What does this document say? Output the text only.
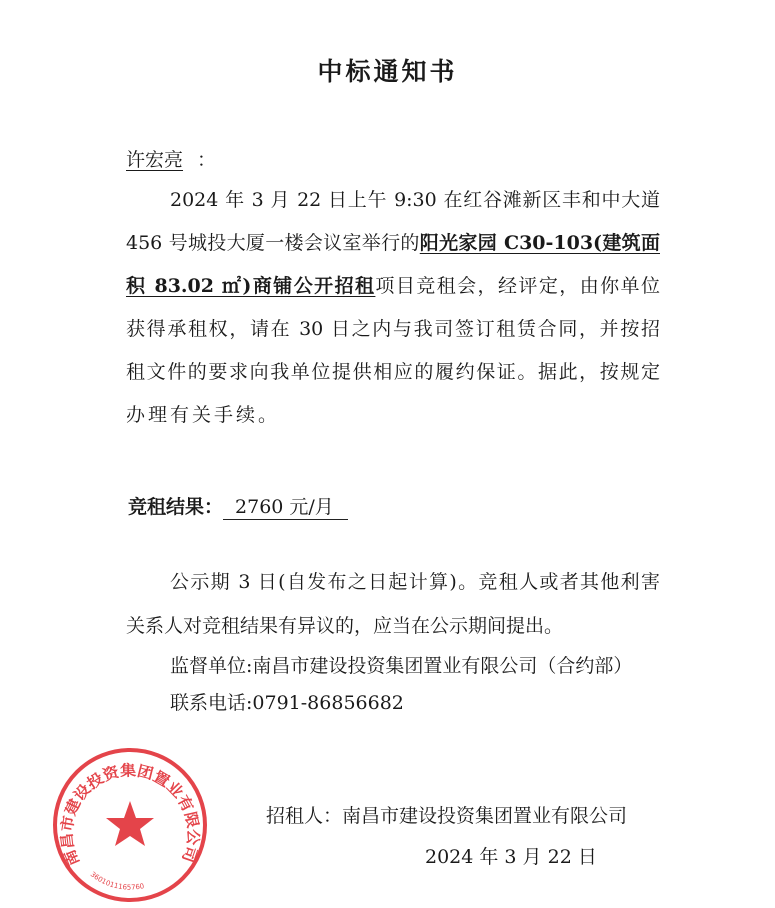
中标通知书
许宏亮 ：
2024 年 3 月 22 日上午 9:30 在红谷滩新区丰和中大道
456 号城投大厦一楼会议室举行的阳光家园 C30-103(建筑面
积 83.02 ㎡)商铺公开招租项目竞租会，经评定，由你单位
获得承租权，请在 30 日之内与我司签订租赁合同，并按招
租文件的要求向我单位提供相应的履约保证。据此，按规定
办理有关手续。
竞租结果： 2760 元/月
公示期 3 日(自发布之日起计算)。竞租人或者其他利害
关系人对竞租结果有异议的，应当在公示期间提出。
监督单位:南昌市建设投资集团置业有限公司（合约部）
联系电话:0791-86856682
招租人：南昌市建设投资集团置业有限公司
2024 年 3 月 22 日
南昌市建设投资集团置业有限公司
3601011165760
